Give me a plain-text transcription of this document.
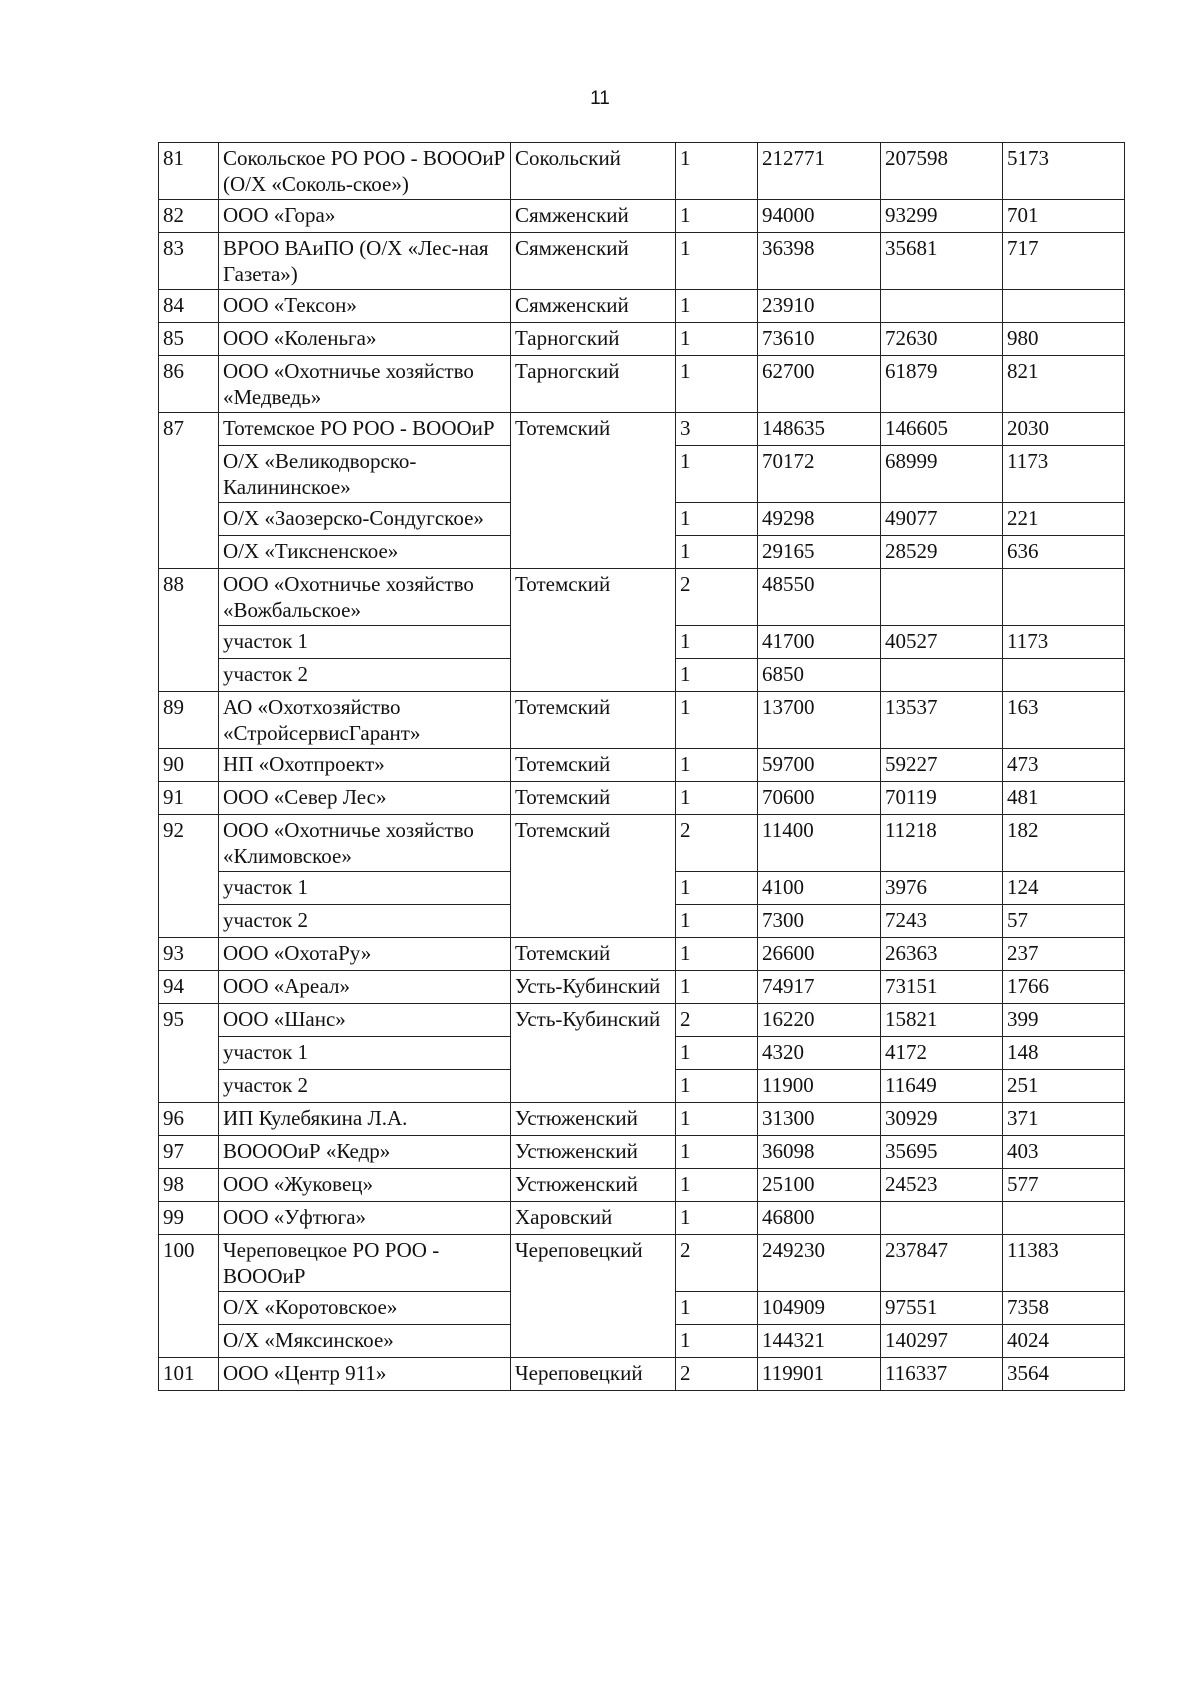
11
81	Сокольское РО РОО - ВОООиР (О/Х «Соколь-ское»)	Сокольский	1	212771	207598	5173
82	ООО «Гора»	Сямженский	1	94000	93299	701
83	ВРОО ВАиПО (О/Х «Лес-ная Газета»)	Сямженский	1	36398	35681	717
84	ООО «Тексон»	Сямженский	1	23910		
85	ООО «Коленьга»	Тарногский	1	73610	72630	980
86	ООО «Охотничье хозяйство «Медведь»	Тарногский	1	62700	61879	821
87	Тотемское РО РОО - ВОООиР	Тотемский	3	148635	146605	2030
	О/Х «Великодворско-Калининское»		1	70172	68999	1173
	О/Х «Заозерско-Сондугское»		1	49298	49077	221
	О/Х «Тиксненское»		1	29165	28529	636
88	ООО «Охотничье хозяйство «Вожбальское»	Тотемский	2	48550		
	участок 1		1	41700	40527	1173
	участок 2		1	6850		
89	АО «Охотхозяйство «СтройсервисГарант»	Тотемский	1	13700	13537	163
90	НП «Охотпроект»	Тотемский	1	59700	59227	473
91	ООО «Север Лес»	Тотемский	1	70600	70119	481
92	ООО «Охотничье хозяйство «Климовское»	Тотемский	2	11400	11218	182
	участок 1		1	4100	3976	124
	участок 2		1	7300	7243	57
93	ООО «ОхотаРу»	Тотемский	1	26600	26363	237
94	ООО «Ареал»	Усть-Кубинский	1	74917	73151	1766
95	ООО «Шанс»	Усть-Кубинский	2	16220	15821	399
	участок 1		1	4320	4172	148
	участок 2		1	11900	11649	251
96	ИП Кулебякина Л.А.	Устюженский	1	31300	30929	371
97	ВООООиР «Кедр»	Устюженский	1	36098	35695	403
98	ООО «Жуковец»	Устюженский	1	25100	24523	577
99	ООО «Уфтюга»	Харовский	1	46800		
100	Череповецкое РО РОО - ВОООиР	Череповецкий	2	249230	237847	11383
	О/Х «Коротовское»		1	104909	97551	7358
	О/Х «Мяксинское»		1	144321	140297	4024
101	ООО «Центр 911»	Череповецкий	2	119901	116337	3564
